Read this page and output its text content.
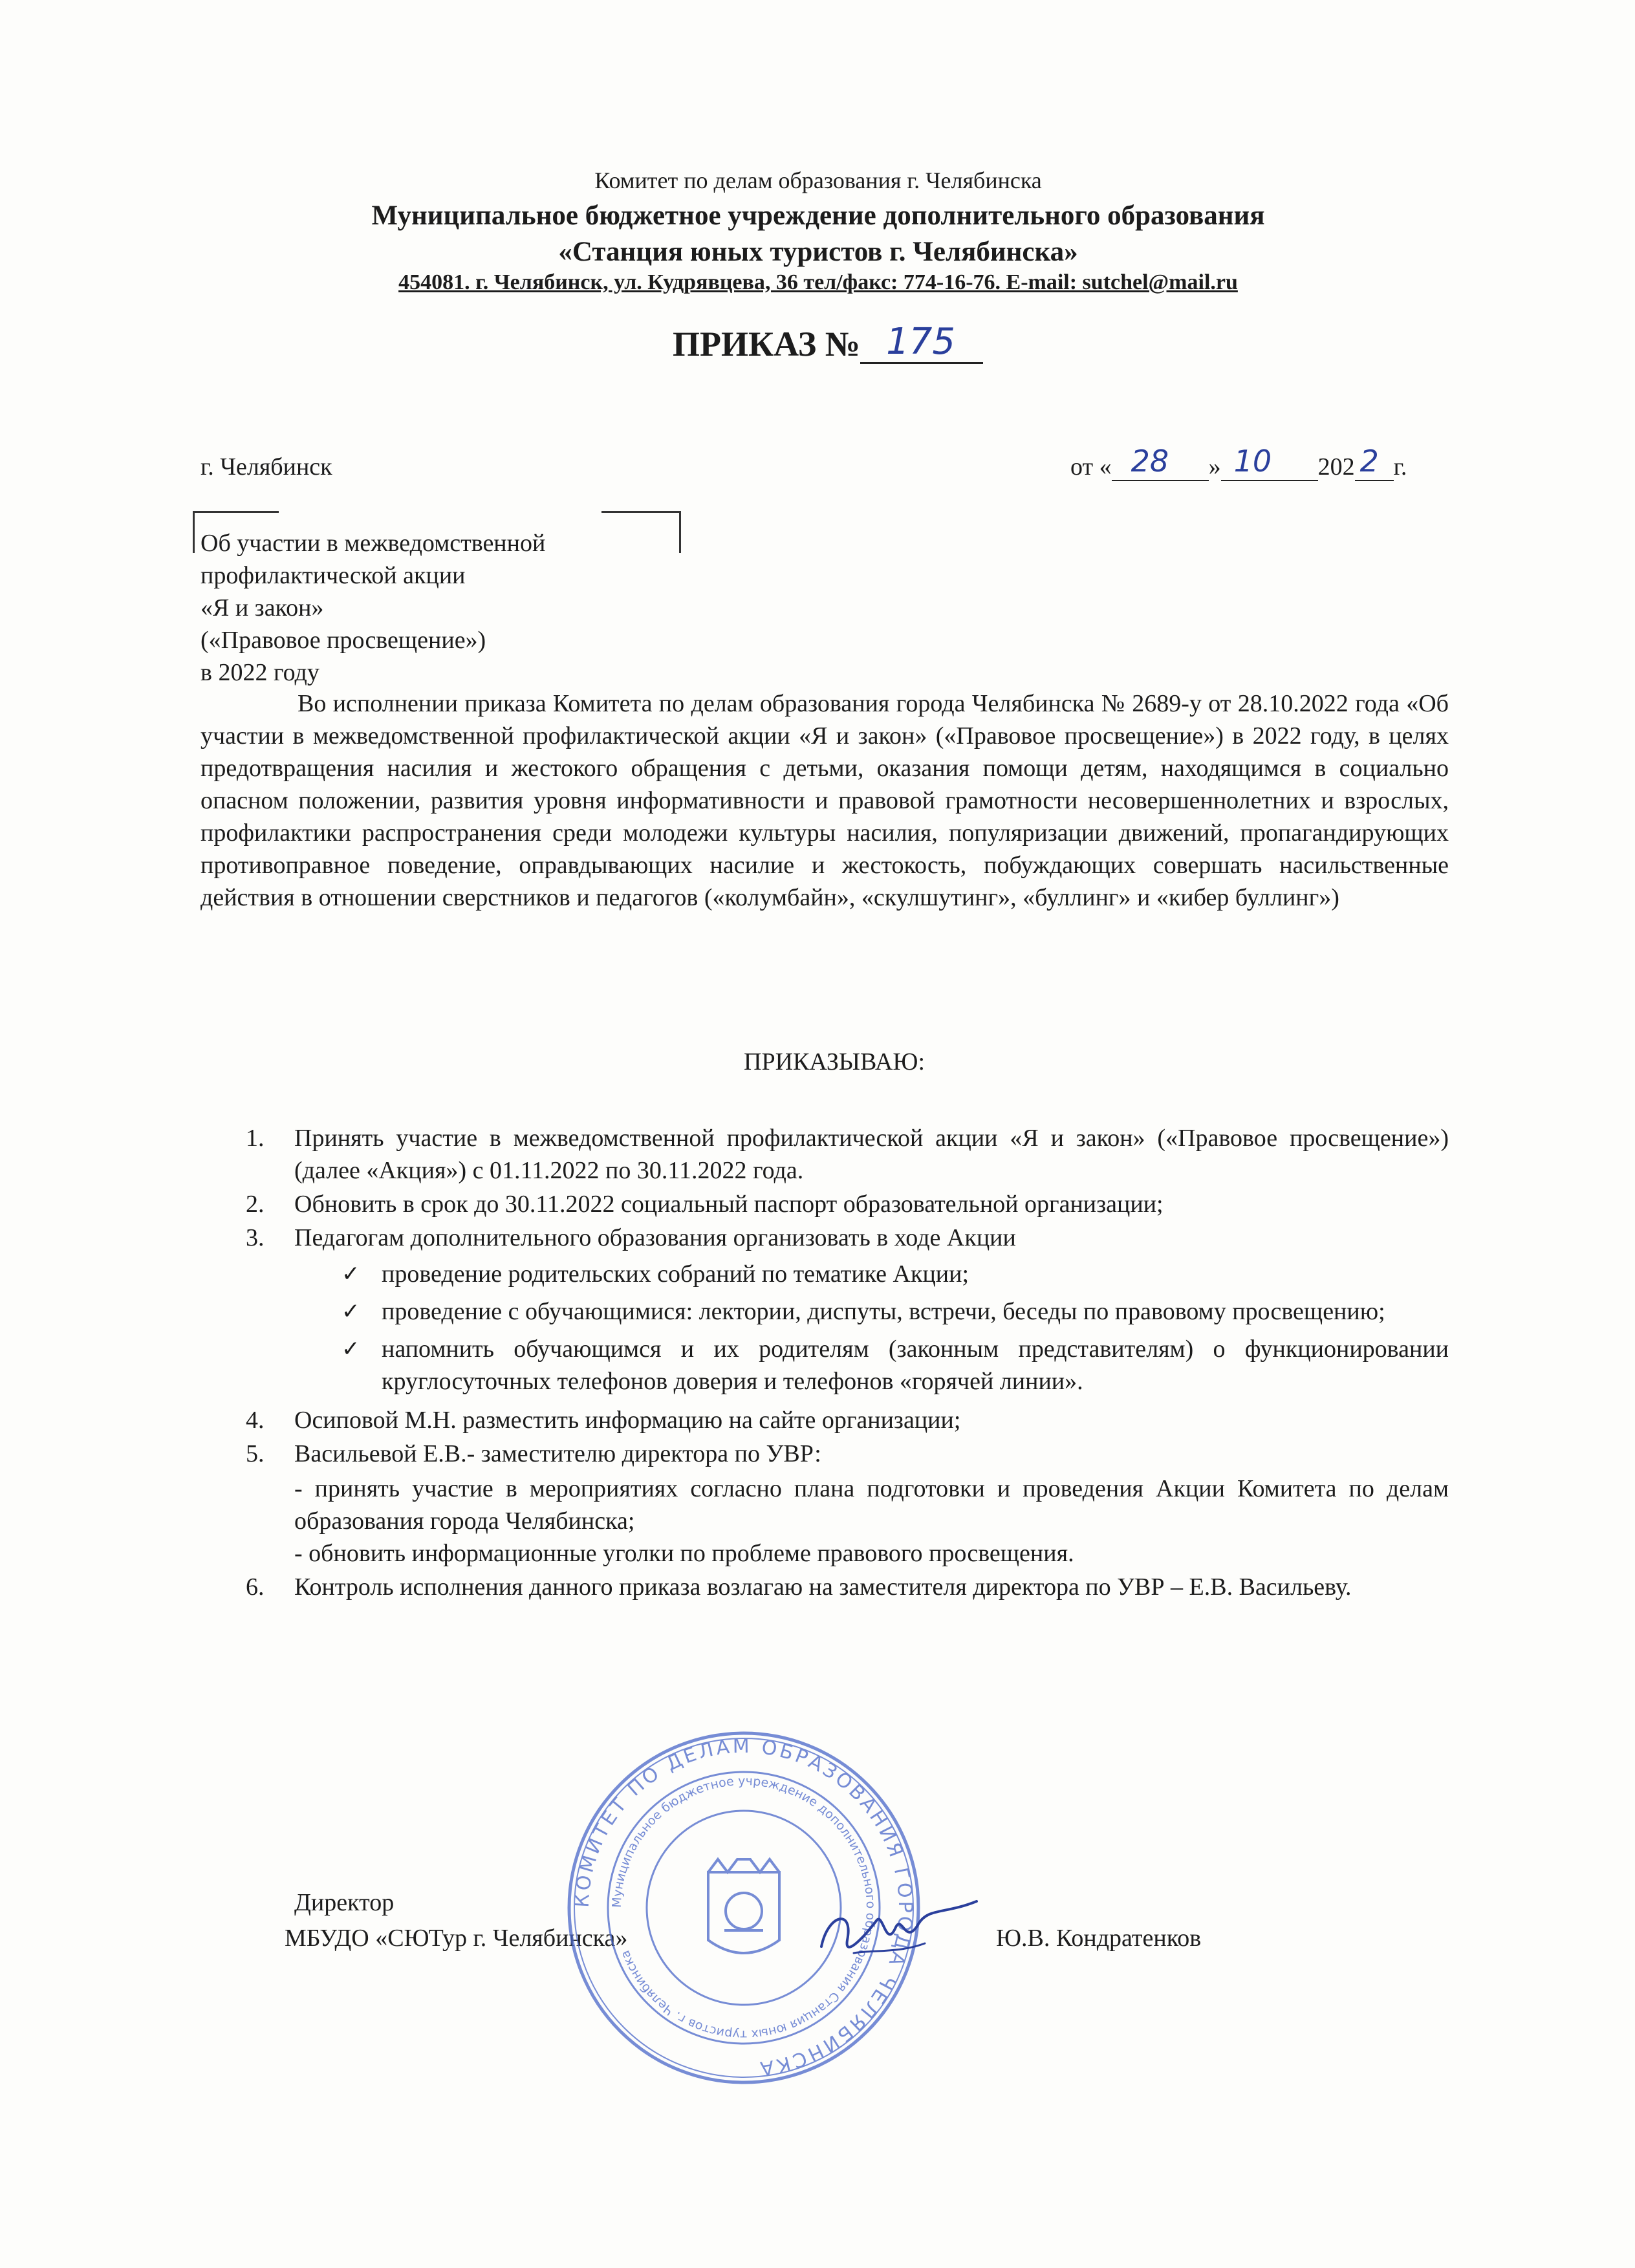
Комитет по делам образования г. Челябинска
Муниципальное бюджетное учреждение дополнительного образования
«Станция юных туристов г. Челябинска»
454081. г. Челябинск, ул. Кудрявцева, 36 тел/факс: 774-16-76. E-mail: sutchel@mail.ru
ПРИКАЗ № 175
г. Челябинск	от « 28 » 10 202 2 г.
Об участии в межведомственной
профилактической акции
«Я и закон»
(«Правовое просвещение»)
в 2022 году
Во исполнении приказа Комитета по делам образования города Челябинска № 2689-у от 28.10.2022 года «Об участии в межведомственной профилактической акции «Я и закон» («Правовое просвещение») в 2022 году, в целях предотвращения насилия и жестокого обращения с детьми, оказания помощи детям, находящимся в социально опасном положении, развития уровня информативности и правовой грамотности несовершеннолетних и взрослых, профилактики распространения среди молодежи культуры насилия, популяризации движений, пропагандирующих противоправное поведение, оправдывающих насилие и жестокость, побуждающих совершать насильственные действия в отношении сверстников и педагогов («колумбайн», «скулшутинг», «буллинг» и «кибер буллинг»)
ПРИКАЗЫВАЮ:
1. Принять участие в межведомственной профилактической акции «Я и закон» («Правовое просвещение») (далее «Акция») с 01.11.2022 по 30.11.2022 года.
2. Обновить в срок до 30.11.2022 социальный паспорт образовательной организации;
3. Педагогам дополнительного образования организовать в ходе Акции
✓ проведение родительских собраний по тематике Акции;
✓ проведение с обучающимися: лектории, диспуты, встречи, беседы по правовому просвещению;
✓ напомнить обучающимся и их родителям (законным представителям) о функционировании круглосуточных телефонов доверия и телефонов «горячей линии».
4. Осиповой М.Н. разместить информацию на сайте организации;
5. Васильевой Е.В.- заместителю директора по УВР:
- принять участие в мероприятиях согласно плана подготовки и проведения Акции Комитета по делам образования города Челябинска;
- обновить информационные уголки по проблеме правового просвещения.
6. Контроль исполнения данного приказа возлагаю на заместителя директора по УВР – Е.В. Васильеву.
Директор
МБУДО «СЮТур г. Челябинска»	Ю.В. Кондратенков
КОМИТЕТ ПО ДЕЛАМ ОБРАЗОВАНИЯ ГОРОДА ЧЕЛЯБИНСКА
Муниципальное бюджетное учреждение дополнительного образования Станция юных туристов г. Челябинска
